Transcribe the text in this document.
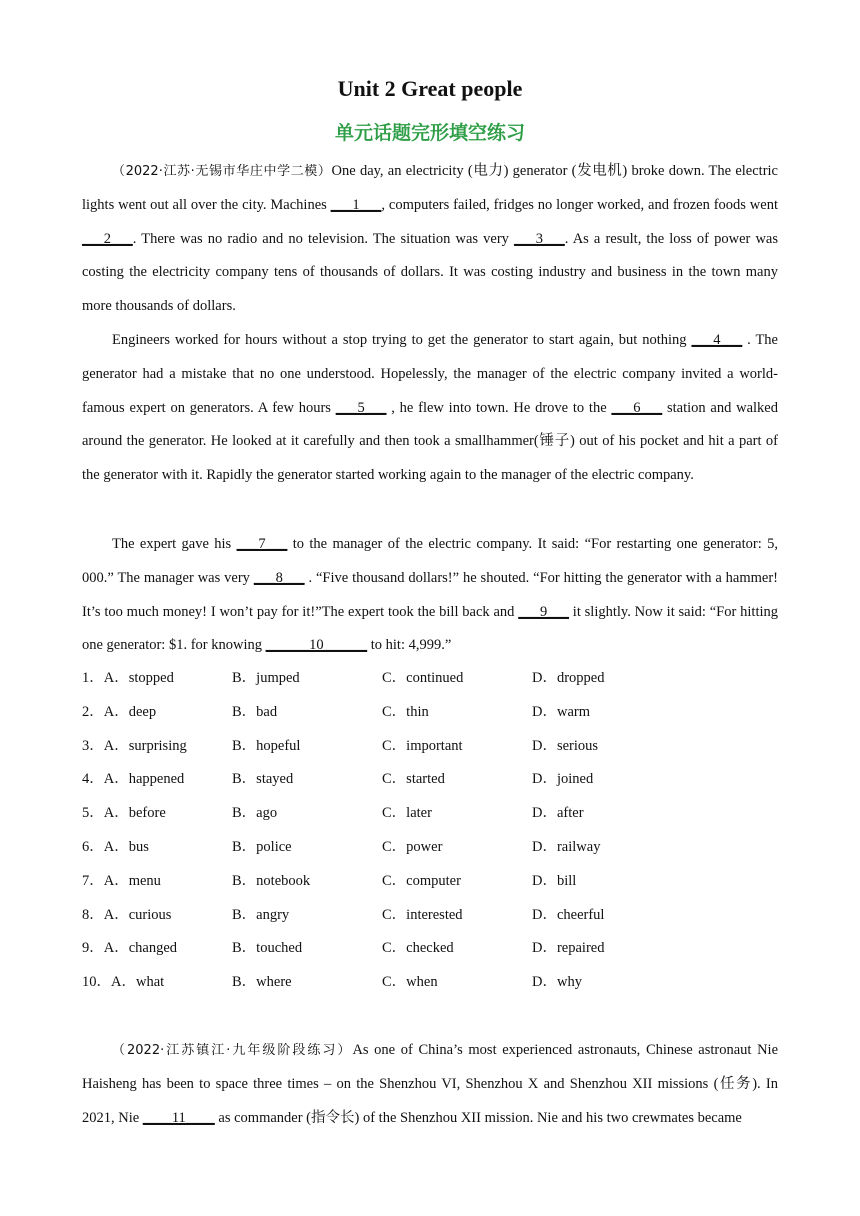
Unit 2 Great people
单元话题完形填空练习

（2022·江苏·无锡市华庄中学二模）One day, an electricity (电力) generator (发电机) broke down. The electric lights went out all over the city. Machines ___1___, computers failed, fridges no longer worked, and frozen foods went ___2___. There was no radio and no television. The situation was very ___3___. As a result, the loss of power was costing the electricity company tens of thousands of dollars. It was costing industry and business in the town many more thousands of dollars.

Engineers worked for hours without a stop trying to get the generator to start again, but nothing ___4___ . The generator had a mistake that no one understood. Hopelessly, the manager of the electric company invited a world-famous expert on generators. A few hours ___5___ , he flew into town. He drove to the ___6___ station and walked around the generator. He looked at it carefully and then took a smallhammer(锤子) out of his pocket and hit a part of the generator with it. Rapidly the generator started working again to the manager of the electric company.

The expert gave his ___7___ to the manager of the electric company. It said: “For restarting one generator: 5, 000.” The manager was very ___8___ . “Five thousand dollars!” he shouted. “For hitting the generator with a hammer! It’s too much money! I won’t pay for it!”The expert took the bill back and ___9___ it slightly. Now it said: “For hitting one generator: $1. for knowing ______10______ to hit: 4,999.”

1．A．stopped	B．jumped	C．continued	D．dropped
2．A．deep	B．bad	C．thin	D．warm
3．A．surprising	B．hopeful	C．important	D．serious
4．A．happened	B．stayed	C．started	D．joined
5．A．before	B．ago	C．later	D．after
6．A．bus	B．police	C．power	D．railway
7．A．menu	B．notebook	C．computer	D．bill
8．A．curious	B．angry	C．interested	D．cheerful
9．A．changed	B．touched	C．checked	D．repaired
10．A．what	B．where	C．when	D．why

（2022·江苏镇江·九年级阶段练习）As one of China’s most experienced astronauts, Chinese astronaut Nie Haisheng has been to space three times – on the Shenzhou VI, Shenzhou X and Shenzhou XII missions (任务). In 2021, Nie ____11____ as commander (指令长) of the Shenzhou XII mission. Nie and his two crewmates became
